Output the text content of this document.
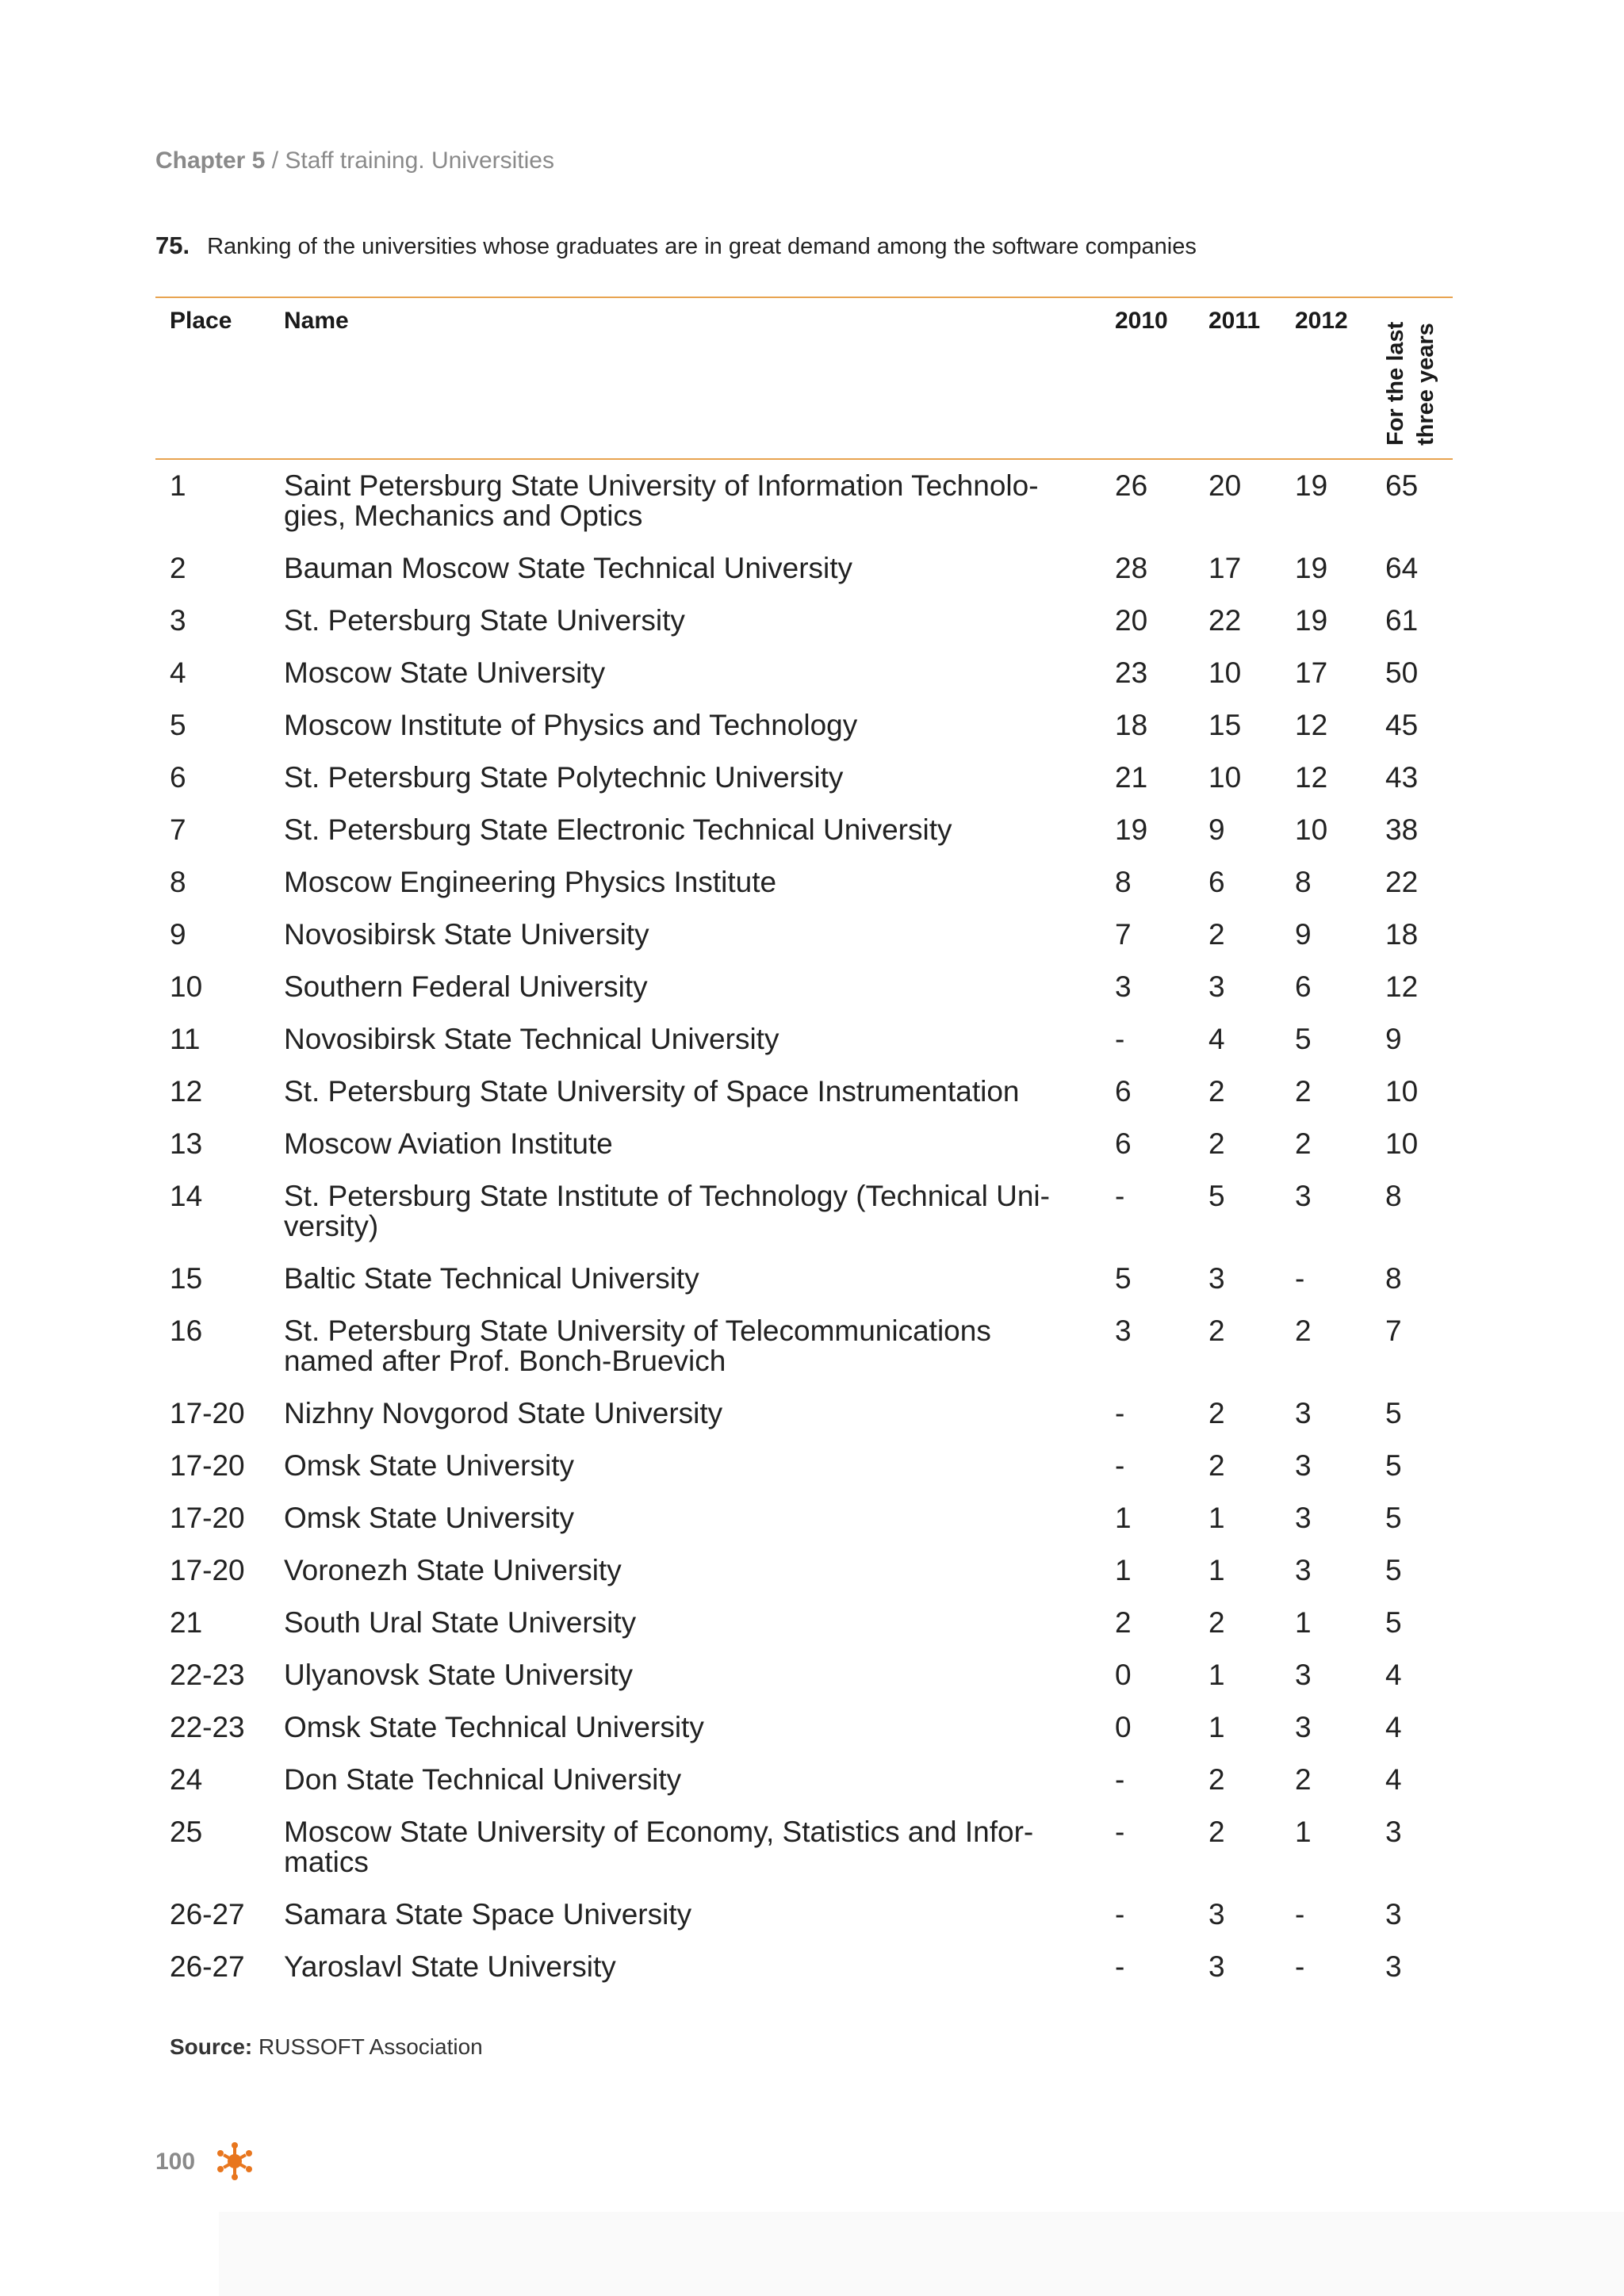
Chapter 5 / Staff training. Universities
75. Ranking of the universities whose graduates are in great demand among the software companies
Place Name	2010 2011 2012
For the last three years
1	Saint Petersburg State University of Information Technolo-
gies, Mechanics and Optics
26 20 19 65
2	Bauman Moscow State Technical University	28 17 19 64
3	St. Petersburg State University	20 22 19 61
4	Moscow State University	23 10 17 50
5	Moscow Institute of Physics and Technology	18 15 12 45
6	St. Petersburg State Polytechnic University	21 10 12 43
7	St. Petersburg State Electronic Technical University	19 9 10 38
8	Moscow Engineering Physics Institute	8	6 8	22
9	Novosibirsk State University	7	2 9	18
10	Southern Federal University	3	3 6	12
11	Novosibirsk State Technical University	-	4 5	9
12	St. Petersburg State University of Space Instrumentation	6	2 2	10
13	Moscow Aviation Institute	6	2 2	10
14	St. Petersburg State Institute of Technology (Technical Uni-
versity)
-	5 3	8
15	Baltic State Technical University	5	3 -	8
16	St. Petersburg State University of Telecommunications
named after Prof. Bonch-Bruevich
3	2 2	7
17-20 Nizhny Novgorod State University	-	2 3	5
17-20 Omsk State University	-	2 3	5
17-20 Omsk State University	1	1 3	5
17-20 Voronezh State University	1	1 3	5
21	South Ural State University	2	2 1	5
22-23 Ulyanovsk State University	0	1 3	4
22-23 Omsk State Technical University	0	1 3	4
24	Don State Technical University	-	2 2	4
25	Moscow State University of Economy, Statistics and Infor-
matics
-	2 1	3
26-27 Samara State Space University	-	3 -	3
26-27 Yaroslavl State University	-	3 -	3
Source: RUSSOFT Association
100
